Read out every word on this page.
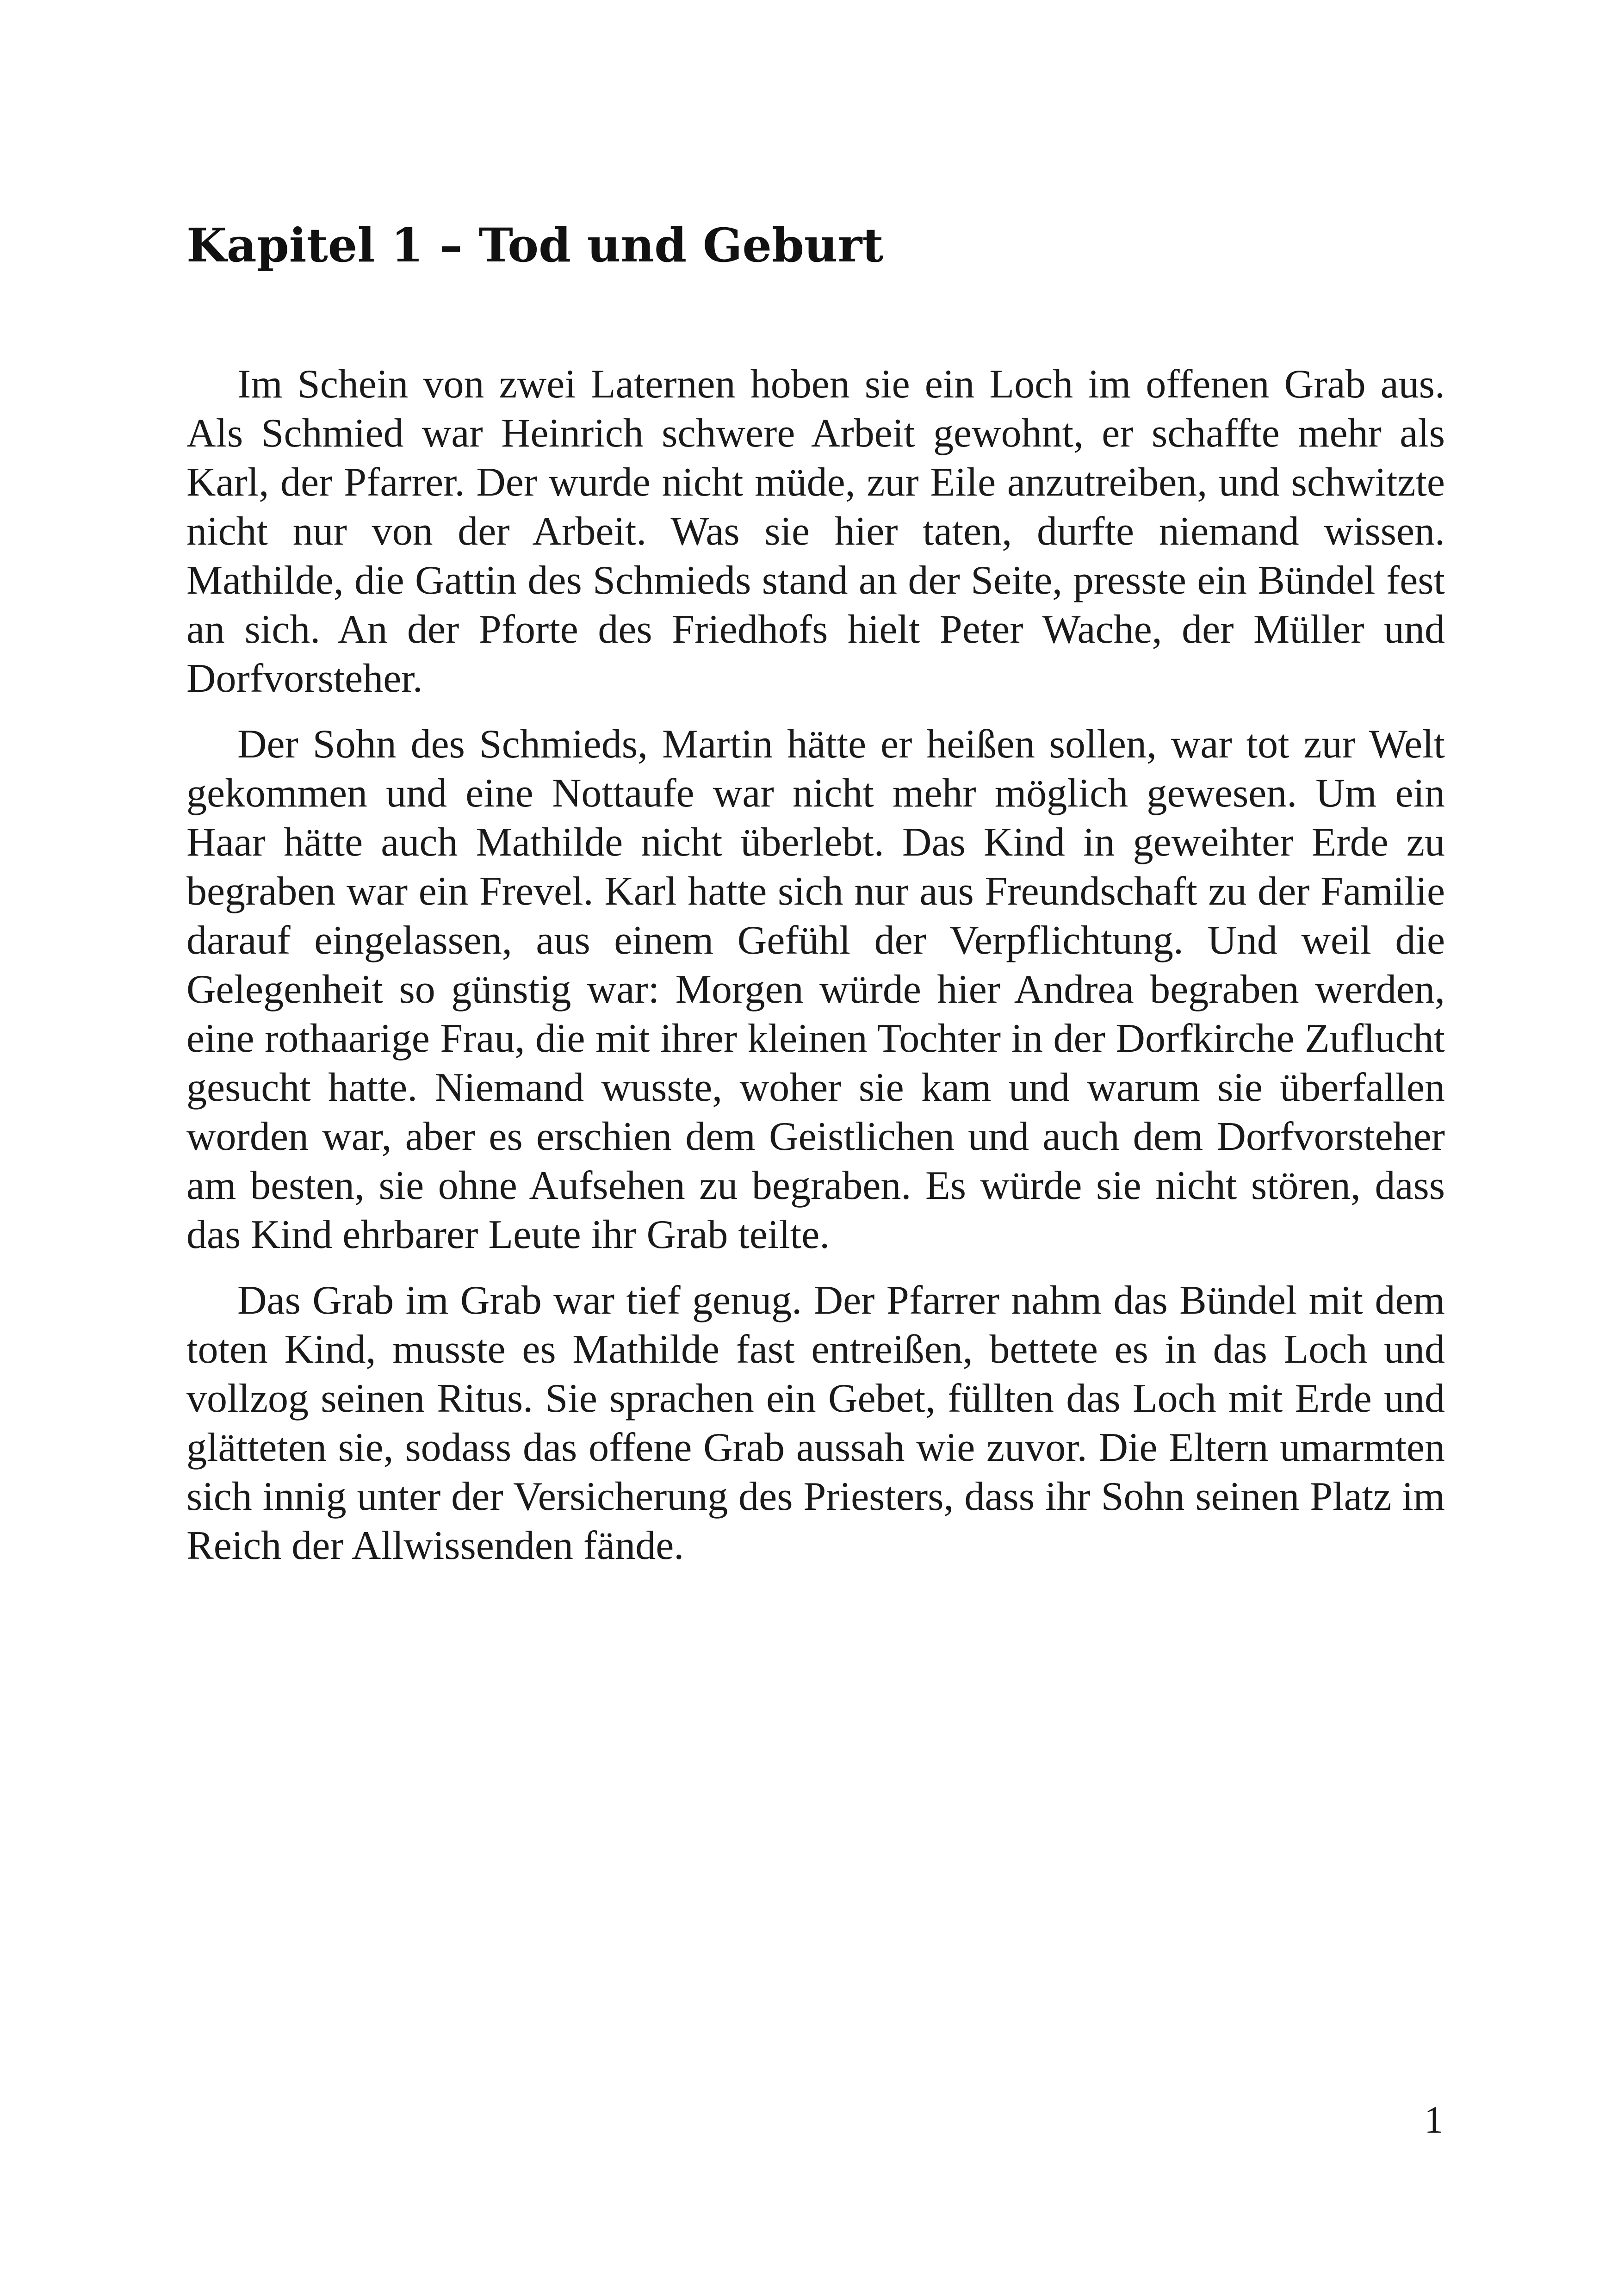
Kapitel 1 – Tod und Geburt

Im Schein von zwei Laternen hoben sie ein Loch im offenen Grab aus. Als Schmied war Heinrich schwere Arbeit gewohnt, er schaffte mehr als Karl, der Pfarrer. Der wurde nicht müde, zur Eile anzutreiben, und schwitzte nicht nur von der Arbeit. Was sie hier taten, durfte niemand wissen. Mathilde, die Gattin des Schmieds stand an der Seite, presste ein Bündel fest an sich. An der Pforte des Friedhofs hielt Peter Wache, der Müller und Dorfvorsteher.

Der Sohn des Schmieds, Martin hätte er heißen sollen, war tot zur Welt gekommen und eine Nottaufe war nicht mehr möglich gewesen. Um ein Haar hätte auch Mathilde nicht überlebt. Das Kind in geweihter Erde zu begraben war ein Frevel. Karl hatte sich nur aus Freundschaft zu der Familie darauf eingelassen, aus einem Gefühl der Verpflichtung. Und weil die Gelegenheit so günstig war: Morgen würde hier Andrea begraben werden, eine rothaarige Frau, die mit ihrer kleinen Tochter in der Dorfkirche Zuflucht gesucht hatte. Niemand wusste, woher sie kam und warum sie überfallen worden war, aber es erschien dem Geistlichen und auch dem Dorfvorsteher am besten, sie ohne Aufsehen zu begraben. Es würde sie nicht stören, dass das Kind ehrbarer Leute ihr Grab teilte.

Das Grab im Grab war tief genug. Der Pfarrer nahm das Bündel mit dem toten Kind, musste es Mathilde fast entreißen, bettete es in das Loch und vollzog seinen Ritus. Sie sprachen ein Gebet, füllten das Loch mit Erde und glätteten sie, sodass das offene Grab aussah wie zuvor. Die Eltern umarmten sich innig unter der Versicherung des Priesters, dass ihr Sohn seinen Platz im Reich der Allwissenden fände.

1
